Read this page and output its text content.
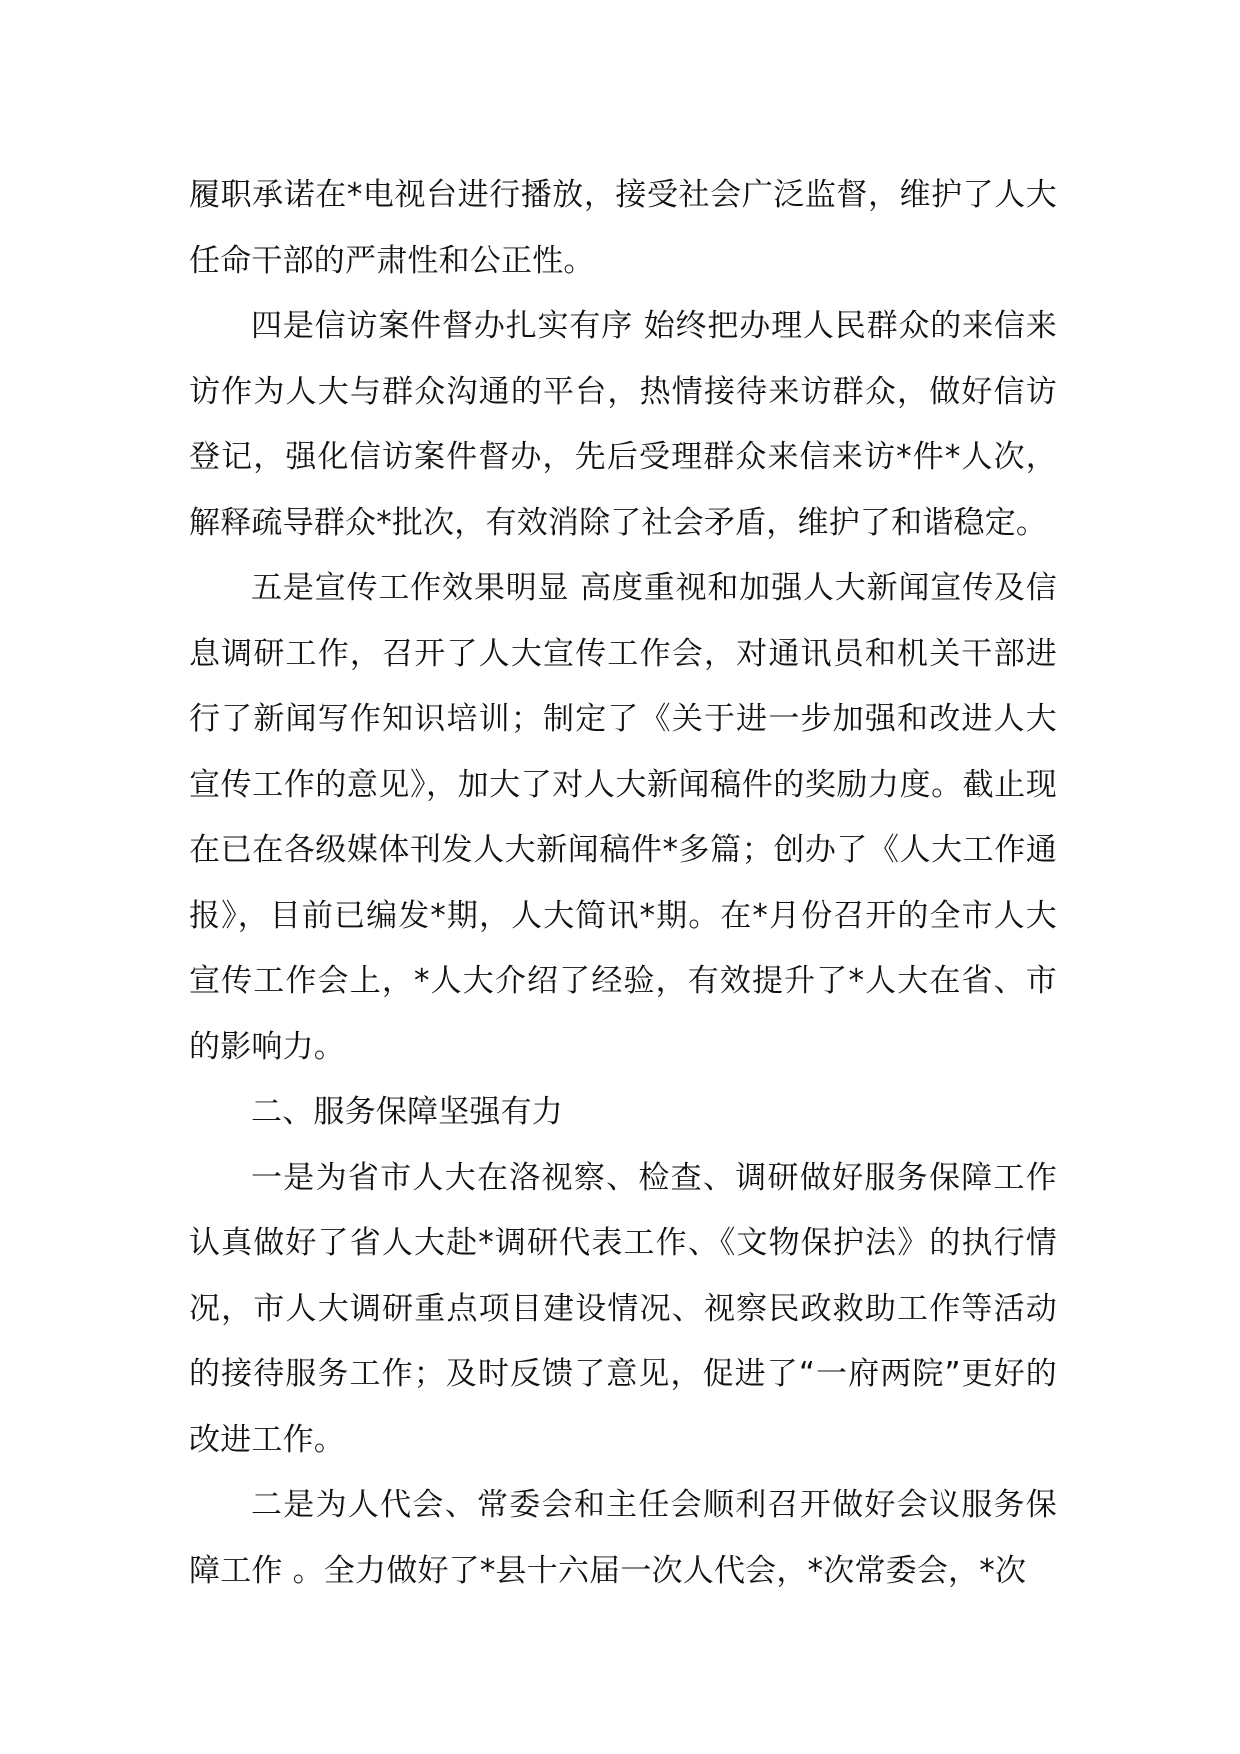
履职承诺在*电视台进行播放，接受社会广泛监督，维护了人大任命干部的严肃性和公正性。

四是信访案件督办扎实有序 始终把办理人民群众的来信来访作为人大与群众沟通的平台，热情接待来访群众，做好信访登记，强化信访案件督办，先后受理群众来信来访*件*人次，解释疏导群众*批次，有效消除了社会矛盾，维护了和谐稳定。

五是宣传工作效果明显 高度重视和加强人大新闻宣传及信息调研工作，召开了人大宣传工作会，对通讯员和机关干部进行了新闻写作知识培训；制定了《关于进一步加强和改进人大宣传工作的意见》，加大了对人大新闻稿件的奖励力度。截止现在已在各级媒体刊发人大新闻稿件*多篇；创办了《人大工作通报》，目前已编发*期，人大简讯*期。在*月份召开的全市人大宣传工作会上，*人大介绍了经验，有效提升了*人大在省、市的影响力。

二、服务保障坚强有力

一是为省市人大在洛视察、检查、调研做好服务保障工作 认真做好了省人大赴*调研代表工作、《文物保护法》的执行情况，市人大调研重点项目建设情况、视察民政救助工作等活动的接待服务工作；及时反馈了意见，促进了“一府两院”更好的改进工作。

二是为人代会、常委会和主任会顺利召开做好会议服务保障工作 。全力做好了*县十六届一次人代会，*次常委会，*次
